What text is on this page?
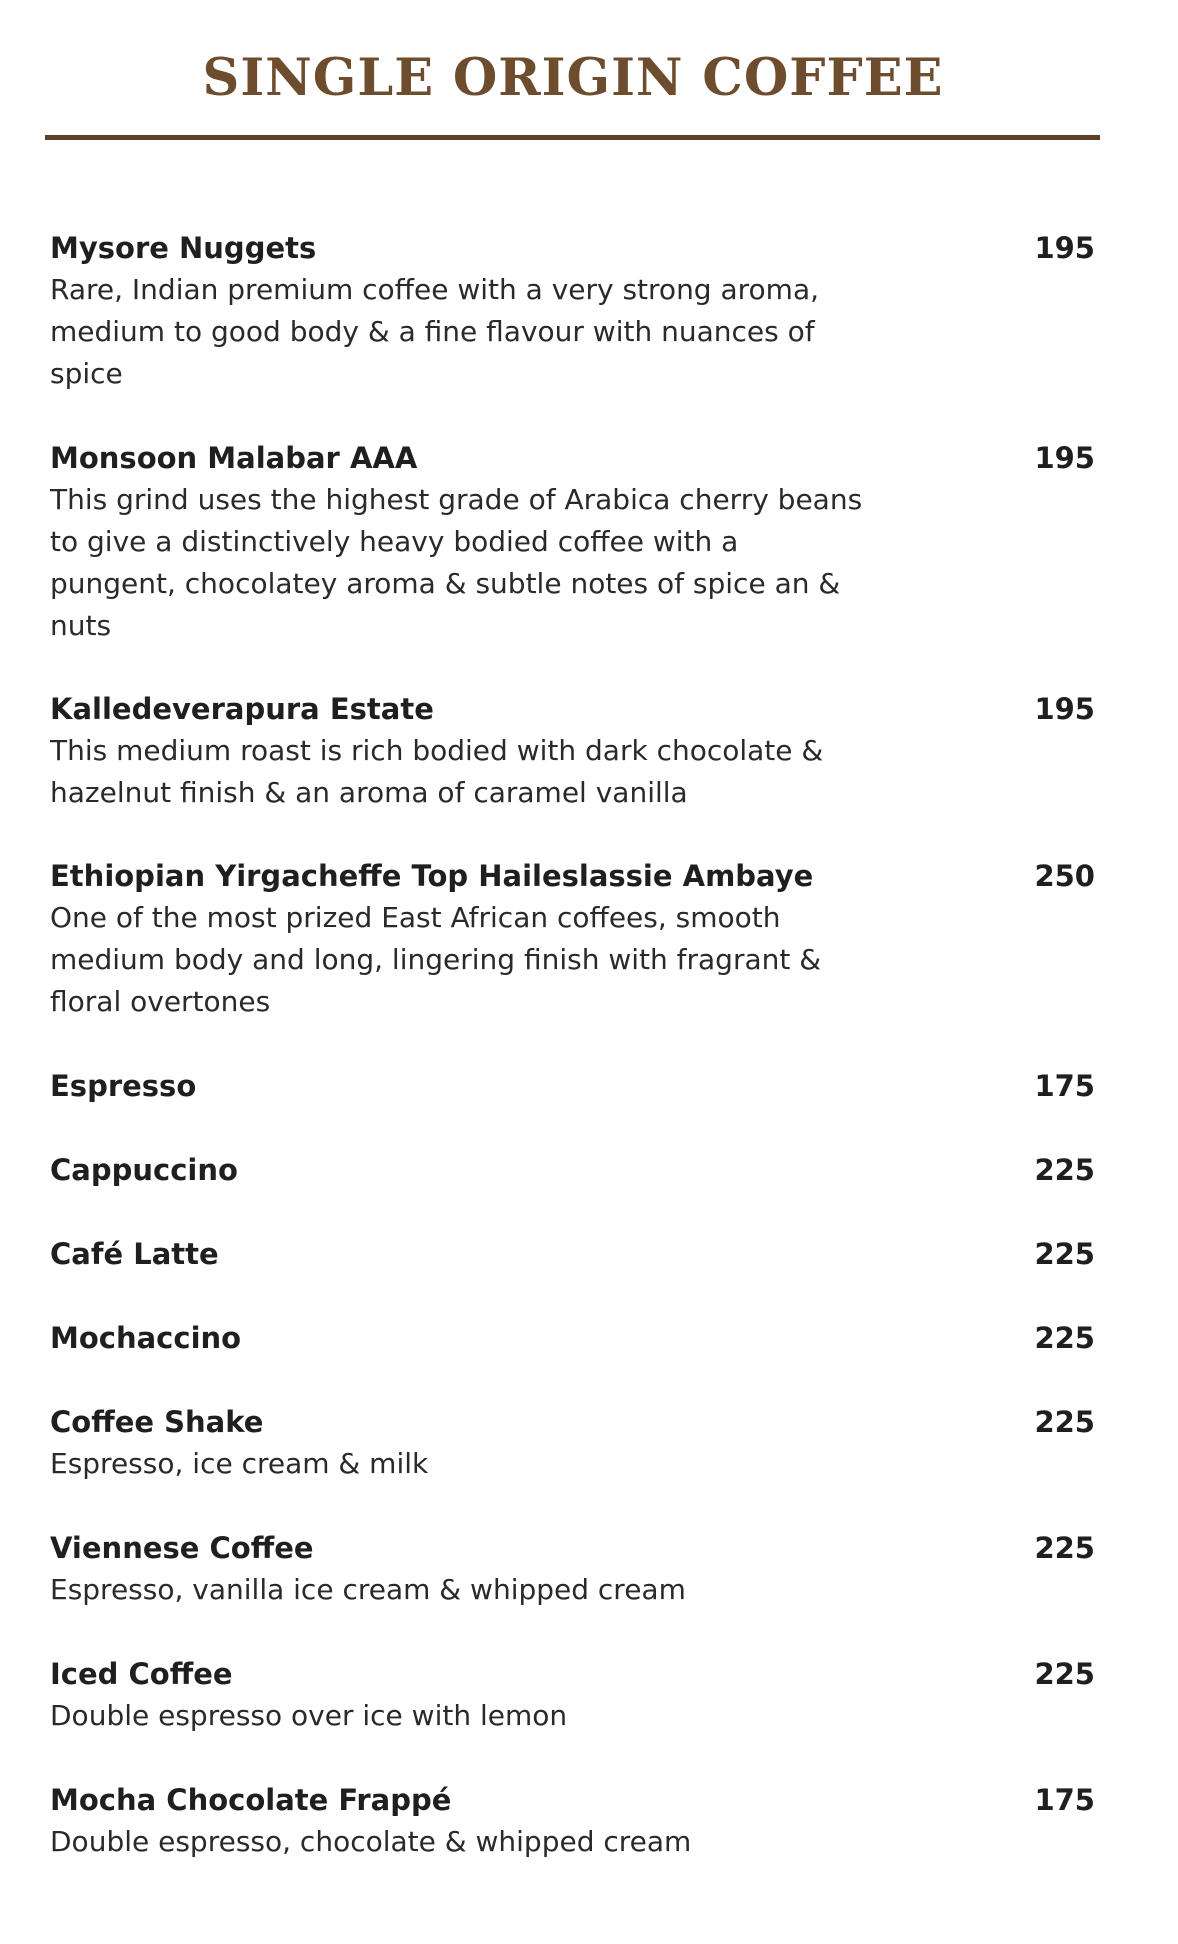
SINGLE ORIGIN COFFEE
Mysore Nuggets	195
Rare, Indian premium coffee with a very strong aroma, medium to good body & a fine flavour with nuances of spice
Monsoon Malabar AAA	195
This grind uses the highest grade of Arabica cherry beans to give a distinctively heavy bodied coffee with a pungent, chocolatey aroma & subtle notes of spice an & nuts
Kalledeverapura Estate	195
This medium roast is rich bodied with dark chocolate & hazelnut finish & an aroma of caramel vanilla
Ethiopian Yirgacheffe Top Haileslassie Ambaye	250
One of the most prized East African coffees, smooth medium body and long, lingering finish with fragrant & floral overtones
Espresso	175
Cappuccino	225
Café Latte	225
Mochaccino	225
Coffee Shake	225
Espresso, ice cream & milk
Viennese Coffee	225
Espresso, vanilla ice cream & whipped cream
Iced Coffee	225
Double espresso over ice with lemon
Mocha Chocolate Frappé	175
Double espresso, chocolate & whipped cream
